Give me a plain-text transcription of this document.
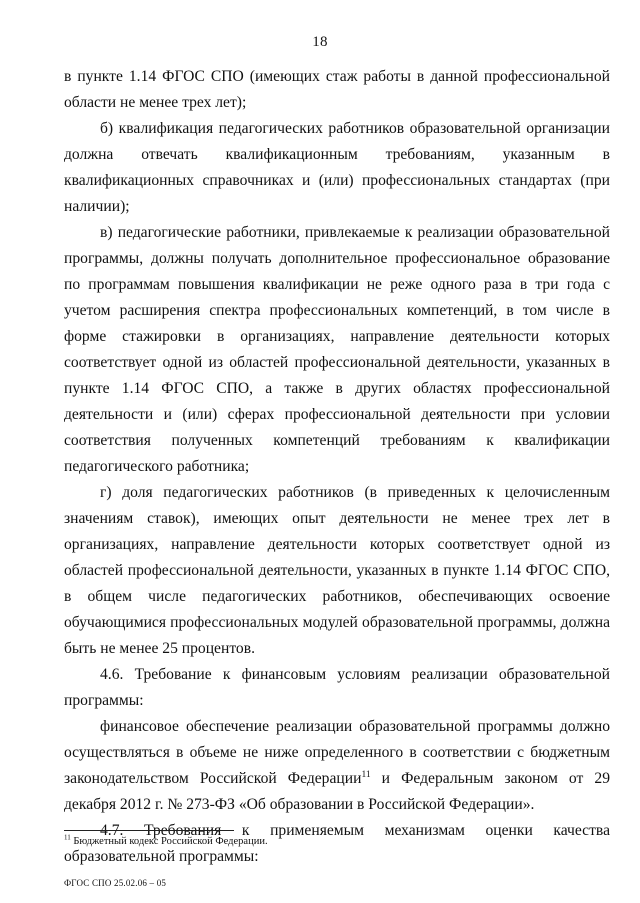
18

в пункте 1.14 ФГОС СПО (имеющих стаж работы в данной профессиональной области не менее трех лет);

б) квалификация педагогических работников образовательной организации должна отвечать квалификационным требованиям, указанным в квалификационных справочниках и (или) профессиональных стандартах (при наличии);

в) педагогические работники, привлекаемые к реализации образовательной программы, должны получать дополнительное профессиональное образование по программам повышения квалификации не реже одного раза в три года с учетом расширения спектра профессиональных компетенций, в том числе в форме стажировки в организациях, направление деятельности которых соответствует одной из областей профессиональной деятельности, указанных в пункте 1.14 ФГОС СПО, а также в других областях профессиональной деятельности и (или) сферах профессиональной деятельности при условии соответствия полученных компетенций требованиям к квалификации педагогического работника;

г) доля педагогических работников (в приведенных к целочисленным значениям ставок), имеющих опыт деятельности не менее трех лет в организациях, направление деятельности которых соответствует одной из областей профессиональной деятельности, указанных в пункте 1.14 ФГОС СПО, в общем числе педагогических работников, обеспечивающих освоение обучающимися профессиональных модулей образовательной программы, должна быть не менее 25 процентов.

4.6. Требование к финансовым условиям реализации образовательной программы:

финансовое обеспечение реализации образовательной программы должно осуществляться в объеме не ниже определенного в соответствии с бюджетным законодательством Российской Федерации$^{11}$ и Федеральным законом от 29 декабря 2012 г. № 273-ФЗ «Об образовании в Российской Федерации».

4.7. Требования к применяемым механизмам оценки качества образовательной программы:

$^{11}$ Бюджетный кодекс Российской Федерации.
ФГОС СПО 25.02.06 – 05
